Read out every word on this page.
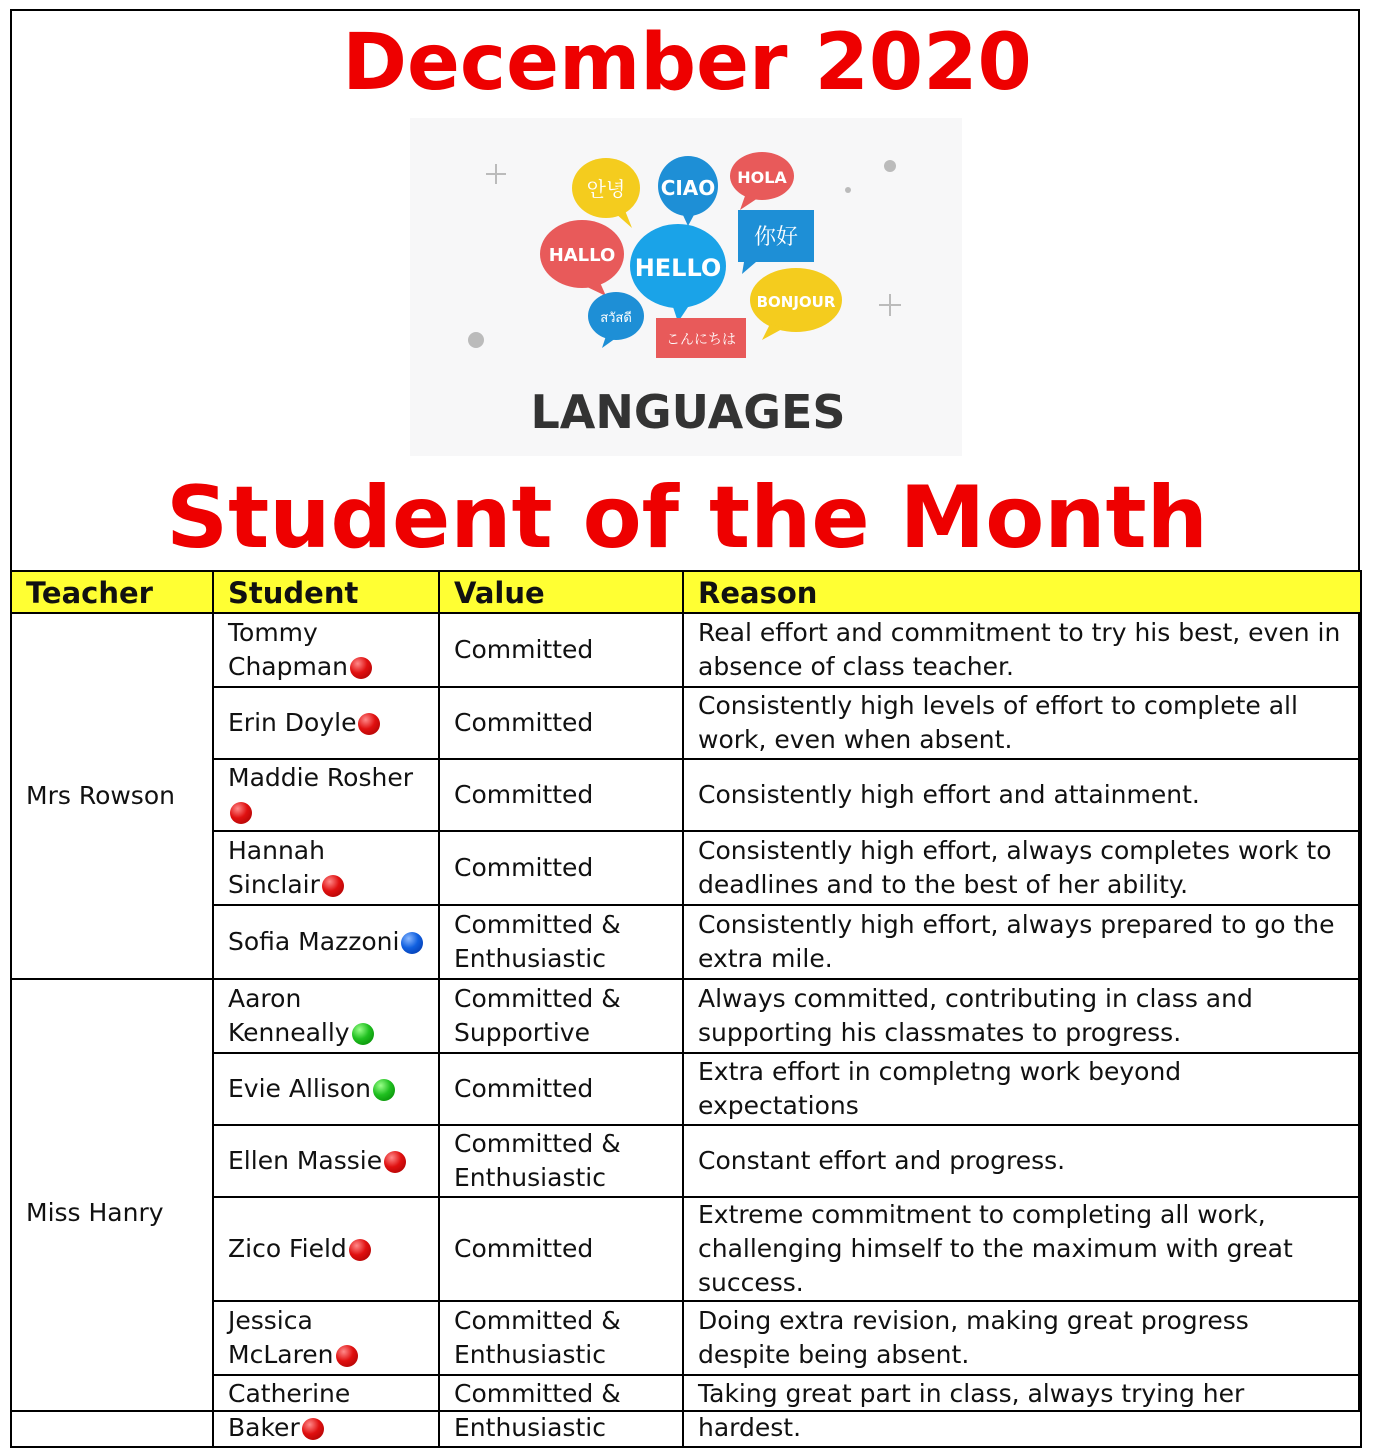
December 2020
안녕 CIAO HOLA
你好
HALLO HELLO
BONJOUR
สวัสดี
こんにちは
LANGUAGES
Student of the Month
Teacher	Student	Value	Reason
Mrs Rowson	Tommy Chapman	Committed	Real effort and commitment to try his best, even in absence of class teacher.
	Erin Doyle	Committed	Consistently high levels of effort to complete all work, even when absent.
	Maddie Rosher	Committed	Consistently high effort and attainment.
	Hannah Sinclair	Committed	Consistently high effort, always completes work to deadlines and to the best of her ability.
	Sofia Mazzoni	Committed & Enthusiastic	Consistently high effort, always prepared to go the extra mile.
Miss Hanry	Aaron Kenneally	Committed & Supportive	Always committed, contributing in class and supporting his classmates to progress.
	Evie Allison	Committed	Extra effort in completng work beyond expectations
	Ellen Massie	Committed & Enthusiastic	Constant effort and progress.
	Zico Field	Committed	Extreme commitment to completing all work, challenging himself to the maximum with great success.
	Jessica McLaren	Committed & Enthusiastic	Doing extra revision, making great progress despite being absent.
	Catherine Baker	Committed & Enthusiastic	Taking great part in class, always trying her hardest.
